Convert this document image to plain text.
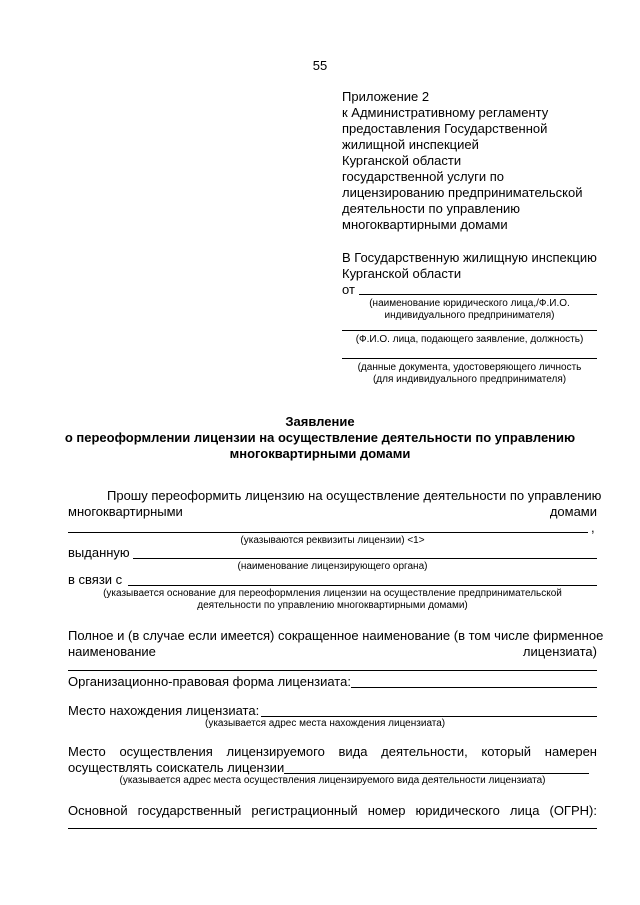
55
Приложение 2
к Административному регламенту
предоставления Государственной
жилищной инспекцией
Курганской области
государственной услуги по
лицензированию предпринимательской
деятельности по управлению
многоквартирными домами
В Государственную жилищную инспекцию
Курганской области
от
(наименование юридического лица,/Ф.И.О.
индивидуального предпринимателя)
(Ф.И.О. лица, подающего заявление, должность)
(данные документа, удостоверяющего личность
(для индивидуального предпринимателя)
Заявление
о переоформлении лицензии на осуществление деятельности по управлению
многоквартирными домами
Прошу переоформить лицензию на осуществление деятельности по управлению
многоквартирными	домами
,
(указываются реквизиты лицензии) <1>
выданную
(наименование лицензирующего органа)
в связи с
(указывается основание для переоформления лицензии на осуществление предпринимательской
деятельности по управлению многоквартирными домами)
Полное и (в случае если имеется) сокращенное наименование (в том числе фирменное
наименование	лицензиата)
Организационно-правовая форма лицензиата:
Место нахождения лицензиата:
(указывается адрес места нахождения лицензиата)
Место осуществления лицензируемого вида деятельности, который намерен
осуществлять соискатель лицензии
(указывается адрес места осуществления лицензируемого вида деятельности лицензиата)
Основной государственный регистрационный номер юридического лица (ОГРН):
